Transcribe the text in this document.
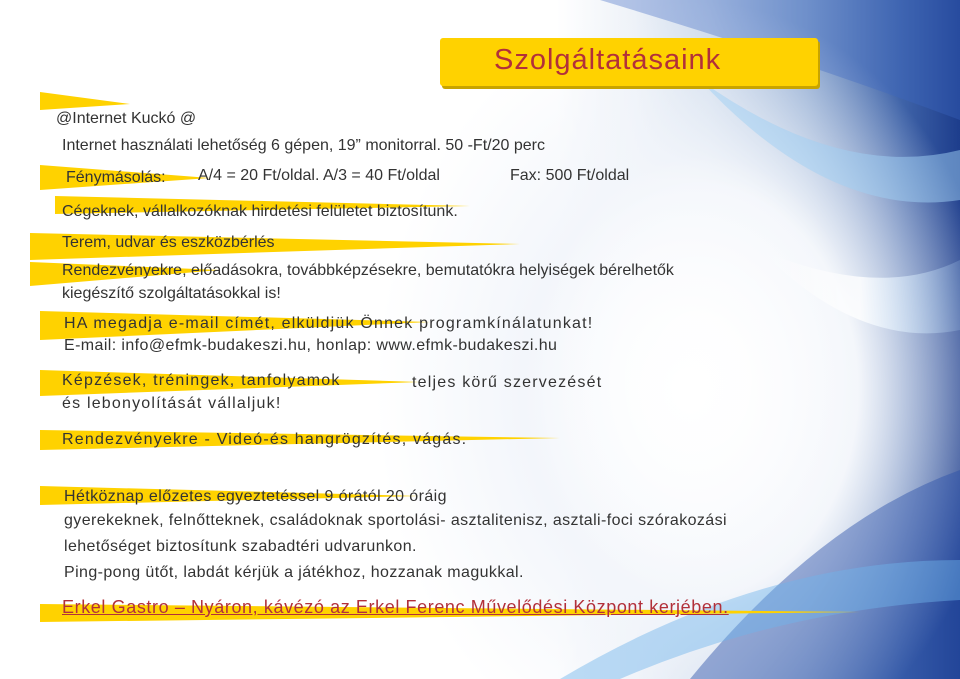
Szolgáltatásaink
@Internet Kuckó @
Internet használati lehetőség 6 gépen, 19” monitorral. 50 -Ft/20 perc
Fénymásolás: A/4 = 20 Ft/oldal. A/3 = 40 Ft/oldal	Fax: 500 Ft/oldal
Cégeknek, vállalkozóknak hirdetési felületet biztosítunk.
Terem, udvar és eszközbérlés
Rendezvényekre, előadásokra, továbbképzésekre, bemutatókra helyiségek bérelhetők
kiegészítő szolgáltatásokkal is!
HA megadja e-mail címét, elküldjük Önnek programkínálatunkat!
E-mail: info@efmk-budakeszi.hu, honlap: www.efmk-budakeszi.hu
Képzések, tréningek, tanfolyamok	teljes körű szervezését
és lebonyolítását vállaljuk!
Rendezvényekre - Videó-és hangrögzítés, vágás.
Hétköznap előzetes egyeztetéssel 9 órától 20 óráig
gyerekeknek, felnőtteknek, családoknak sportolási- asztalitenisz, asztali-foci szórakozási
lehetőséget biztosítunk szabadtéri udvarunkon.
Ping-pong ütőt, labdát kérjük a játékhoz, hozzanak magukkal.
Erkel Gastro – Nyáron, kávézó az Erkel Ferenc Művelődési Központ kerjében.
